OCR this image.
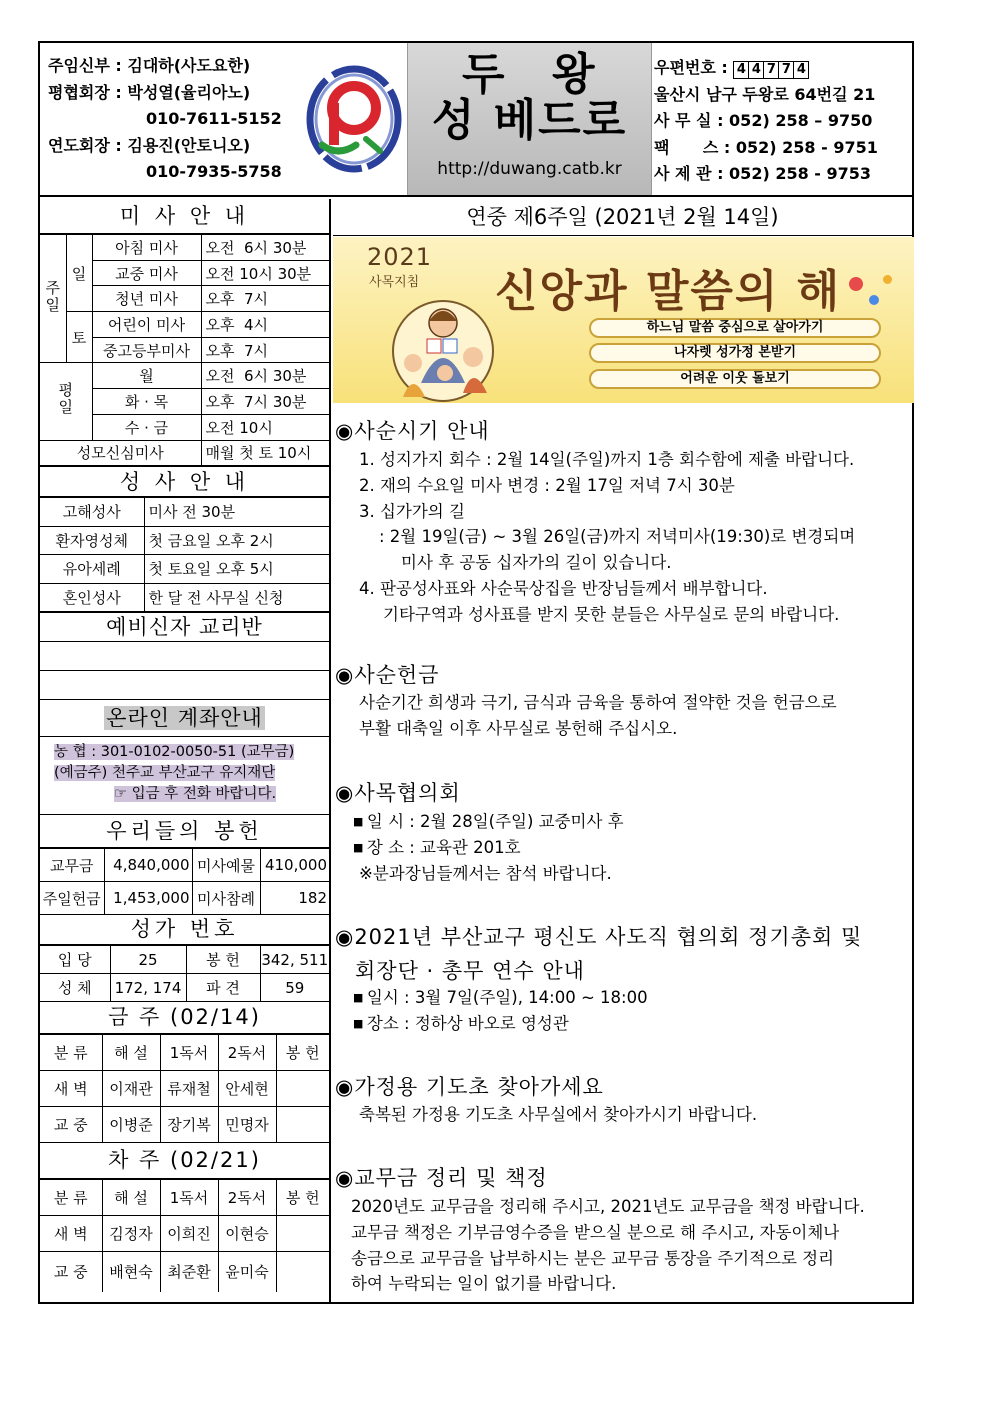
주임신부 : 김대하(사도요한)
평협회장 : 박성열(율리아노)
010-7611-5152
연도회장 : 김용진(안토니오)
010-7935-5758
두 왕
성 베드로
http://duwang.catb.kr
우편번호 : 4 4 7 7 4
울산시 남구 두왕로 64번길 21
사 무 실 : 052) 258 – 9750
팩      스 : 052) 258 - 9751
사 제 관 : 052) 258 - 9753
미 사 안 내
주일	일	아침 미사	오전  6시 30분
		교중 미사	오전 10시 30분
		청년 미사	오후  7시
	토	어린이 미사	오후  4시
		중고등부미사	오후  7시
평일		월	오전  6시 30분
		화 · 목	오후  7시 30분
		수 · 금	오전 10시
성모신심미사			매월 첫 토 10시
성 사 안 내
고해성사	미사 전 30분
환자영성체	첫 금요일 오후 2시
유아세례	첫 토요일 오후 5시
혼인성사	한 달 전 사무실 신청
예비신자 교리반
온라인 계좌안내
농 협 : 301-0102-0050-51 (교무금)
(예금주) 천주교 부산교구 유지재단
☞ 입금 후 전화 바랍니다.
우리들의 봉헌
교무금	4,840,000	미사예물	410,000
주일헌금	1,453,000	미사참례	182
성가 번호
입 당	25	봉 헌	342, 511
성 체	172, 174	파 견	59
금 주 (02/14)
분 류	해 설	1독서	2독서	봉 헌
새 벽	이재관	류재철	안세현	
교 중	이병준	장기복	민명자	
차 주 (02/21)
분 류	해 설	1독서	2독서	봉 헌
새 벽	김정자	이희진	이현승	
교 중	배현숙	최준환	윤미숙	
연중 제6주일 (2021년 2월 14일)
2021
사목지침 신앙과 말씀의 해
하느님 말씀 중심으로 살아가기
나자렛 성가정 본받기
어려운 이웃 돌보기
◉사순시기 안내
1. 성지가지 회수 : 2월 14일(주일)까지 1층 회수함에 제출 바랍니다.
2. 재의 수요일 미사 변경 : 2월 17일 저녁 7시 30분
3. 십가가의 길
: 2월 19일(금) ~ 3월 26일(금)까지 저녁미사(19:30)로 변경되며
미사 후 공동 십자가의 길이 있습니다.
4. 판공성사표와 사순묵상집을 반장님들께서 배부합니다.
기타구역과 성사표를 받지 못한 분들은 사무실로 문의 바랍니다.
◉사순헌금
사순기간 희생과 극기, 금식과 금육을 통하여 절약한 것을 헌금으로
부활 대축일 이후 사무실로 봉헌해 주십시오.
◉사목협의회
■ 일 시 : 2월 28일(주일) 교중미사 후
■ 장 소 : 교육관 201호
※분과장님들께서는 참석 바랍니다.
◉2021년 부산교구 평신도 사도직 협의회 정기총회 및
회장단 · 총무 연수 안내
■ 일시 : 3월 7일(주일), 14:00 ~ 18:00
■ 장소 : 정하상 바오로 영성관
◉가정용 기도초 찾아가세요
축복된 가정용 기도초 사무실에서 찾아가시기 바랍니다.
◉교무금 정리 및 책정
2020년도 교무금을 정리해 주시고, 2021년도 교무금을 책정 바랍니다.
교무금 책정은 기부금영수증을 받으실 분으로 해 주시고, 자동이체나
송금으로 교무금을 납부하시는 분은 교무금 통장을 주기적으로 정리
하여 누락되는 일이 없기를 바랍니다.
